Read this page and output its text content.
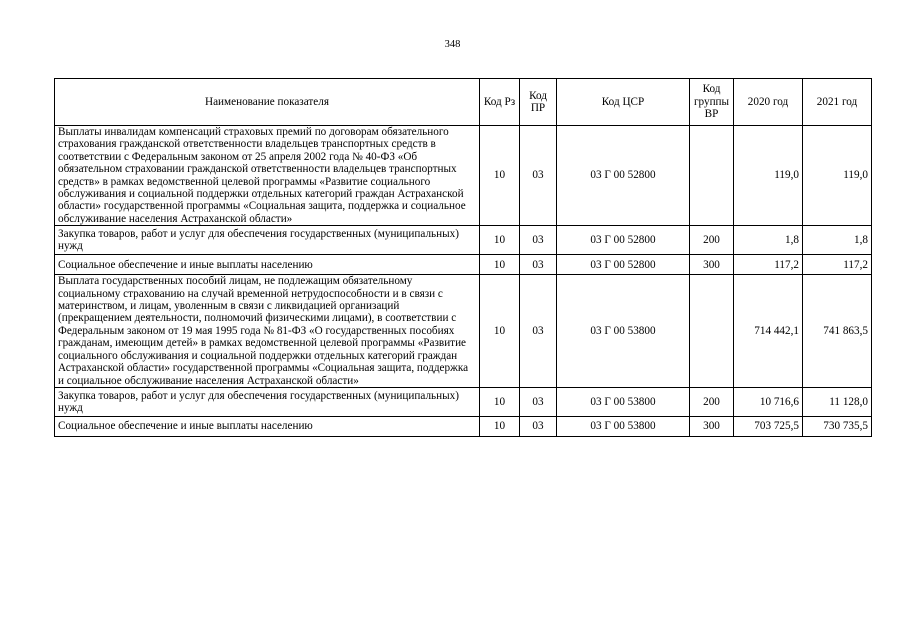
348
Наименование показателя	Код Рз	Код ПР	Код ЦСР	Код группы ВР	2020 год	2021 год
Выплаты инвалидам компенсаций страховых премий по договорам обязательного страхования гражданской ответственности владельцев транспортных средств в соответствии с Федеральным законом от 25 апреля 2002 года № 40-ФЗ «Об обязательном страховании гражданской ответственности владельцев транспортных средств» в рамках ведомственной целевой программы «Развитие социального обслуживания и социальной поддержки отдельных категорий граждан Астраханской области» государственной программы «Социальная защита, поддержка и социальное обслуживание населения Астраханской области»	10	03	03 Г 00 52800		119,0	119,0
Закупка товаров, работ и услуг для обеспечения государственных (муниципальных) нужд	10	03	03 Г 00 52800	200	1,8	1,8
Социальное обеспечение и иные выплаты населению	10	03	03 Г 00 52800	300	117,2	117,2
Выплата государственных пособий лицам, не подлежащим обязательному социальному страхованию на случай временной нетрудоспособности и в связи с материнством, и лицам, уволенным в связи с ликвидацией организаций (прекращением деятельности, полномочий физическими лицами), в соответствии с Федеральным законом от 19 мая 1995 года № 81-ФЗ «О государственных пособиях гражданам, имеющим детей» в рамках ведомственной целевой программы «Развитие социального обслуживания и социальной поддержки отдельных категорий граждан Астраханской области» государственной программы «Социальная защита, поддержка и социальное обслуживание населения Астраханской области»	10	03	03 Г 00 53800		714 442,1	741 863,5
Закупка товаров, работ и услуг для обеспечения государственных (муниципальных) нужд	10	03	03 Г 00 53800	200	10 716,6	11 128,0
Социальное обеспечение и иные выплаты населению	10	03	03 Г 00 53800	300	703 725,5	730 735,5
